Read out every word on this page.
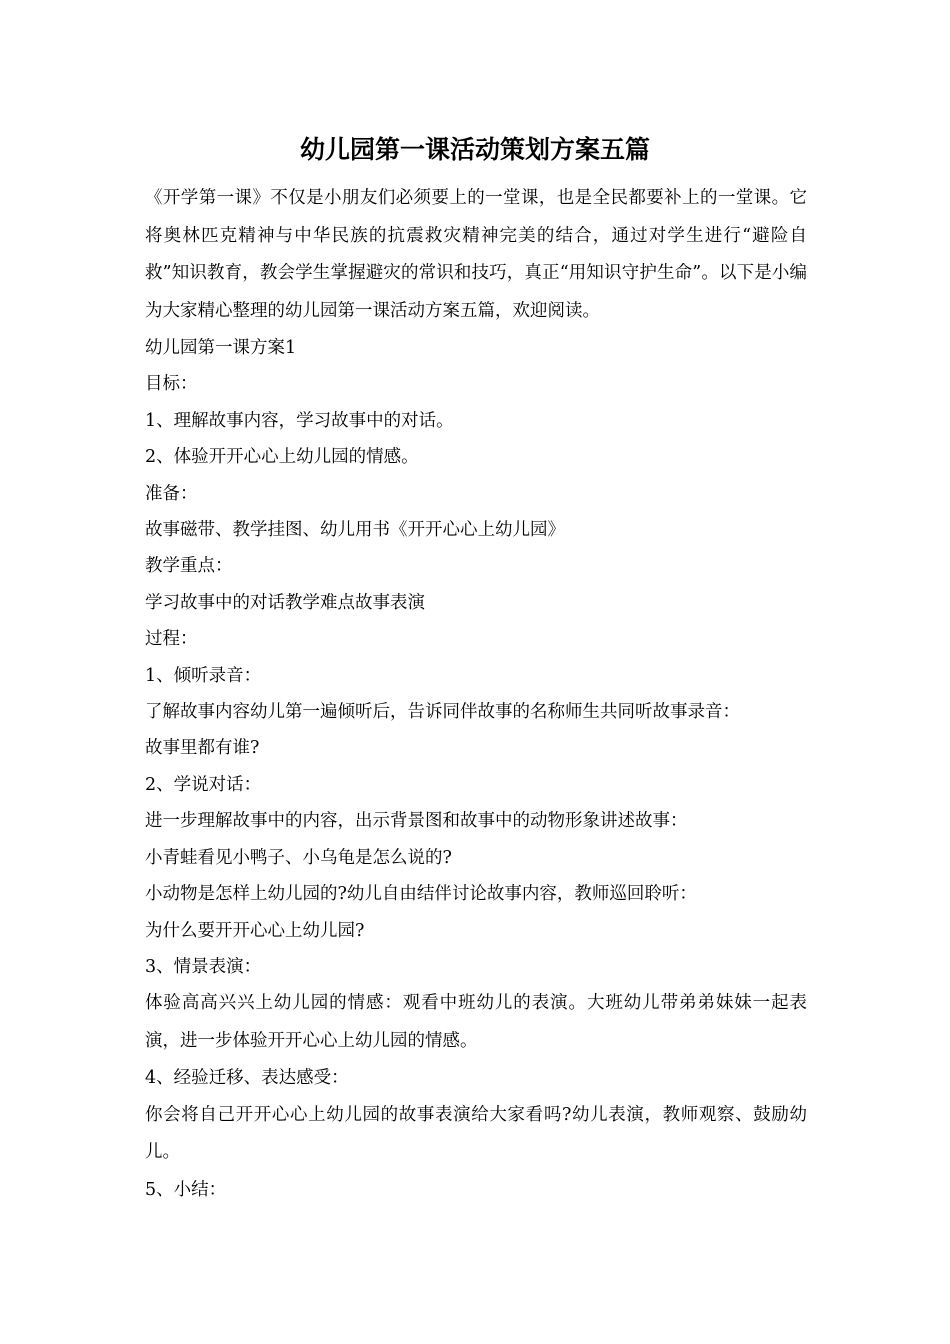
幼儿园第一课活动策划方案五篇

《开学第一课》不仅是小朋友们必须要上的一堂课，也是全民都要补上的一堂课。它将奥林匹克精神与中华民族的抗震救灾精神完美的结合，通过对学生进行“避险自救”知识教育，教会学生掌握避灾的常识和技巧，真正“用知识守护生命”。以下是小编为大家精心整理的幼儿园第一课活动方案五篇，欢迎阅读。

幼儿园第一课方案1

目标：

1、理解故事内容，学习故事中的对话。

2、体验开开心心上幼儿园的情感。

准备：

故事磁带、教学挂图、幼儿用书《开开心心上幼儿园》

教学重点：

学习故事中的对话教学难点故事表演

过程：

1、倾听录音：

了解故事内容幼儿第一遍倾听后，告诉同伴故事的名称师生共同听故事录音：

故事里都有谁?

2、学说对话：

进一步理解故事中的内容，出示背景图和故事中的动物形象讲述故事：

小青蛙看见小鸭子、小乌龟是怎么说的?

小动物是怎样上幼儿园的?幼儿自由结伴讨论故事内容，教师巡回聆听：

为什么要开开心心上幼儿园?

3、情景表演：

体验高高兴兴上幼儿园的情感：观看中班幼儿的表演。大班幼儿带弟弟妹妹一起表演，进一步体验开开心心上幼儿园的情感。

4、经验迁移、表达感受：

你会将自己开开心心上幼儿园的故事表演给大家看吗?幼儿表演，教师观察、鼓励幼儿。

5、小结：
